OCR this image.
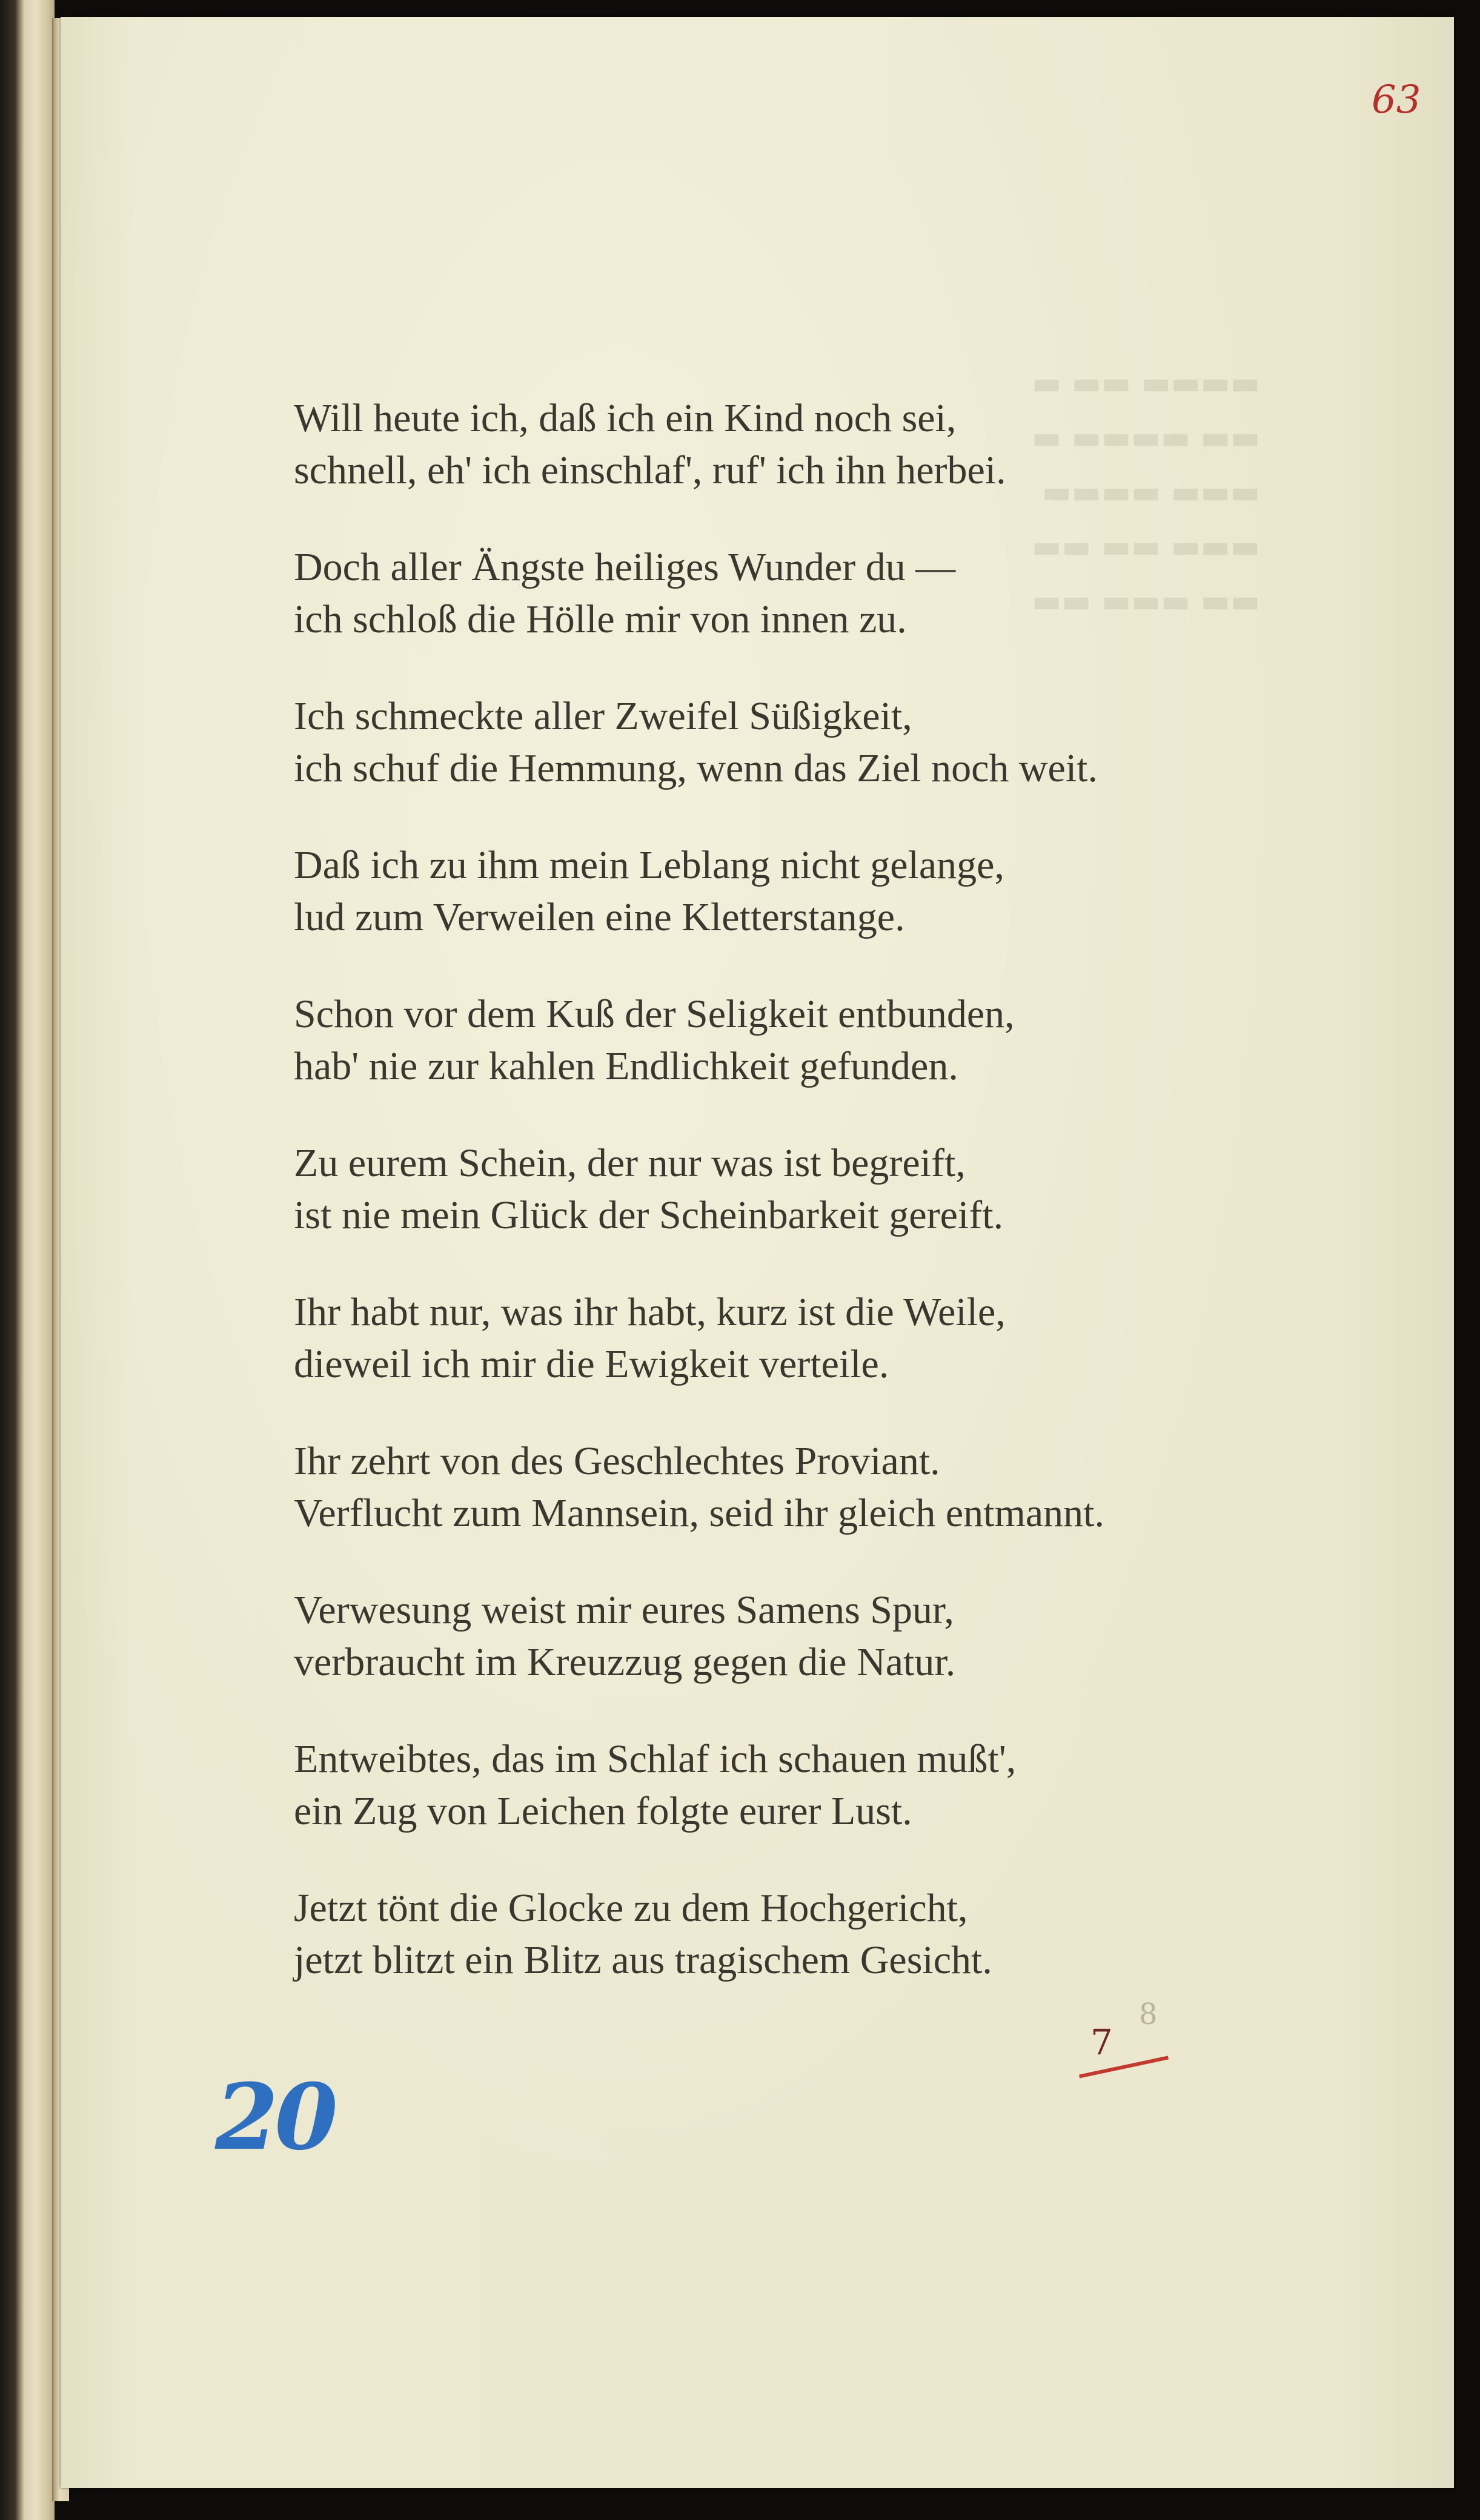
▬▬▬▬ ▬▬ ▬
▬▬ ▬▬▬▬ ▬
▬▬▬ ▬▬▬▬
▬▬▬ ▬▬ ▬▬
▬▬ ▬▬▬ ▬▬
63
Will heute ich, daß ich ein Kind noch sei,
schnell, eh' ich einschlaf', ruf' ich ihn herbei.
Doch aller Ängste heiliges Wunder du —
ich schloß die Hölle mir von innen zu.
Ich schmeckte aller Zweifel Süßigkeit,
ich schuf die Hemmung, wenn das Ziel noch weit.
Daß ich zu ihm mein Leblang nicht gelange,
lud zum Verweilen eine Kletterstange.
Schon vor dem Kuß der Seligkeit entbunden,
hab' nie zur kahlen Endlichkeit gefunden.
Zu eurem Schein, der nur was ist begreift,
ist nie mein Glück der Scheinbarkeit gereift.
Ihr habt nur, was ihr habt, kurz ist die Weile,
dieweil ich mir die Ewigkeit verteile.
Ihr zehrt von des Geschlechtes Proviant.
Verflucht zum Mannsein, seid ihr gleich entmannt.
Verwesung weist mir eures Samens Spur,
verbraucht im Kreuzzug gegen die Natur.
Entweibtes, das im Schlaf ich schauen mußt',
ein Zug von Leichen folgte eurer Lust.
Jetzt tönt die Glocke zu dem Hochgericht,
jetzt blitzt ein Blitz aus tragischem Gesicht.
8
7
20
